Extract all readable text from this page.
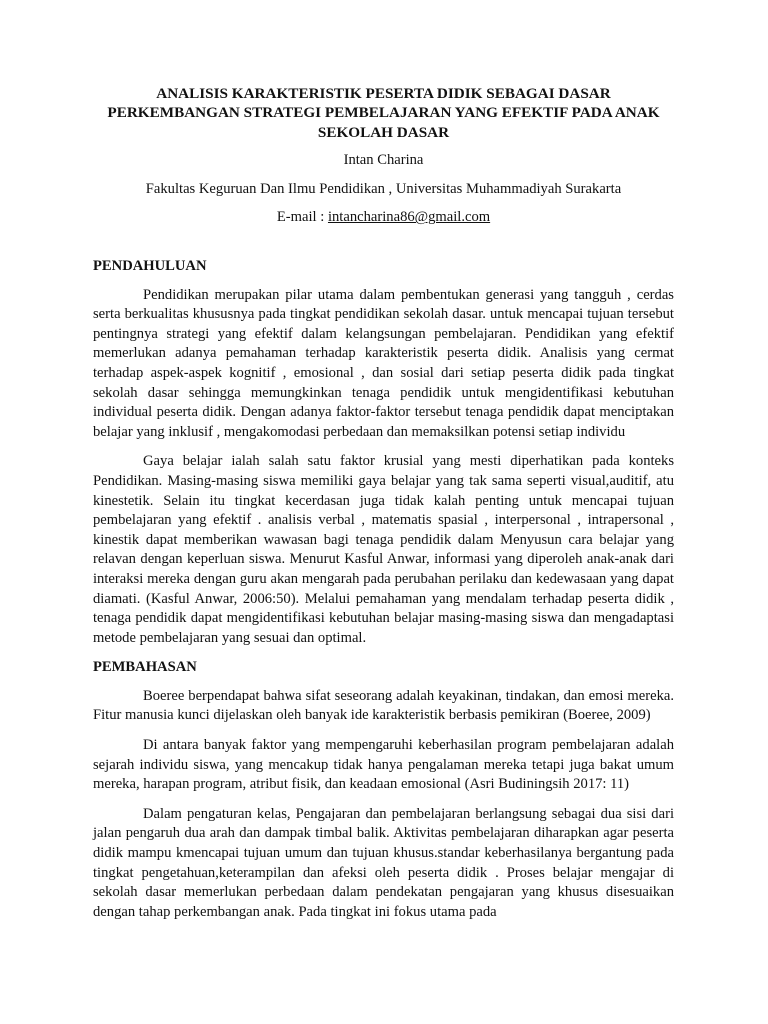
ANALISIS KARAKTERISTIK PESERTA DIDIK SEBAGAI DASAR PERKEMBANGAN STRATEGI PEMBELAJARAN YANG EFEKTIF PADA ANAK SEKOLAH DASAR
Intan Charina
Fakultas Keguruan Dan Ilmu Pendidikan , Universitas Muhammadiyah Surakarta
E-mail : intancharina86@gmail.com
PENDAHULUAN

Pendidikan merupakan pilar utama dalam pembentukan generasi yang tangguh , cerdas serta berkualitas khususnya pada tingkat pendidikan sekolah dasar. untuk mencapai tujuan tersebut pentingnya strategi yang efektif dalam kelangsungan pembelajaran. Pendidikan yang efektif memerlukan adanya pemahaman terhadap karakteristik peserta didik. Analisis yang cermat terhadap aspek-aspek kognitif , emosional , dan sosial dari setiap peserta didik pada tingkat sekolah dasar sehingga memungkinkan tenaga pendidik untuk mengidentifikasi kebutuhan individual peserta didik. Dengan adanya faktor-faktor tersebut tenaga pendidik dapat menciptakan belajar yang inklusif , mengakomodasi perbedaan dan memaksilkan potensi setiap individu

Gaya belajar ialah salah satu faktor krusial yang mesti diperhatikan pada konteks Pendidikan. Masing-masing siswa memiliki gaya belajar yang tak sama seperti visual,auditif, atu kinestetik. Selain itu tingkat kecerdasan juga tidak kalah penting untuk mencapai tujuan pembelajaran yang efektif . analisis verbal , matematis spasial , interpersonal , intrapersonal , kinestik dapat memberikan wawasan bagi tenaga pendidik dalam Menyusun cara belajar yang relavan dengan keperluan siswa. Menurut Kasful Anwar, informasi yang diperoleh anak-anak dari interaksi mereka dengan guru akan mengarah pada perubahan perilaku dan kedewasaan yang dapat diamati. (Kasful Anwar, 2006:50). Melalui pemahaman yang mendalam terhadap peserta didik , tenaga pendidik dapat mengidentifikasi kebutuhan belajar masing-masing siswa dan mengadaptasi metode pembelajaran yang sesuai dan optimal.

PEMBAHASAN

Boeree berpendapat bahwa sifat seseorang adalah keyakinan, tindakan, dan emosi mereka. Fitur manusia kunci dijelaskan oleh banyak ide karakteristik berbasis pemikiran (Boeree, 2009)

Di antara banyak faktor yang mempengaruhi keberhasilan program pembelajaran adalah sejarah individu siswa, yang mencakup tidak hanya pengalaman mereka tetapi juga bakat umum mereka, harapan program, atribut fisik, dan keadaan emosional (Asri Budiningsih 2017: 11)

Dalam pengaturan kelas, Pengajaran dan pembelajaran berlangsung sebagai dua sisi dari jalan pengaruh dua arah dan dampak timbal balik. Aktivitas pembelajaran diharapkan agar peserta didik mampu kmencapai tujuan umum dan tujuan khusus.standar keberhasilanya bergantung pada tingkat pengetahuan,keterampilan dan afeksi oleh peserta didik . Proses belajar mengajar di sekolah dasar memerlukan perbedaan dalam pendekatan pengajaran yang khusus disesuaikan dengan tahap perkembangan anak. Pada tingkat ini fokus utama pada
